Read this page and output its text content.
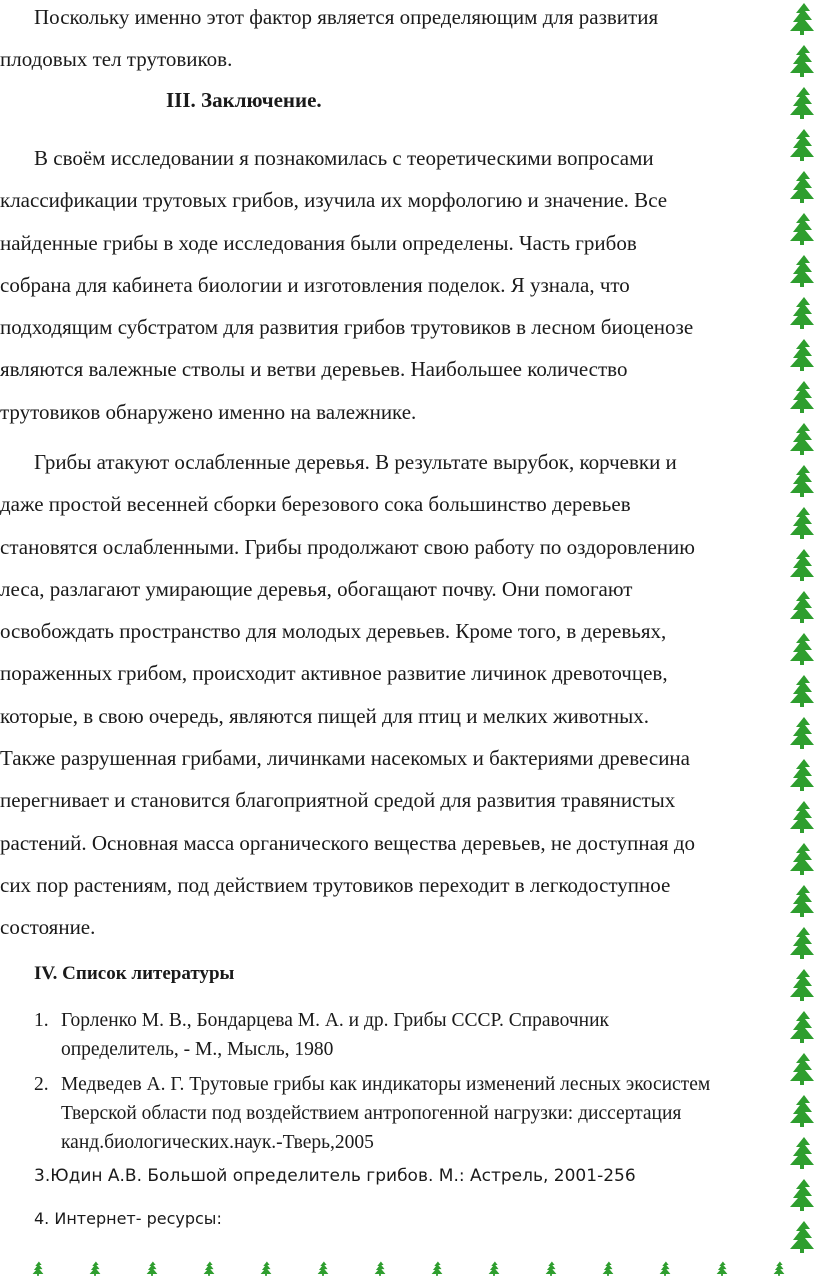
Поскольку именно этот фактор является определяющим для развития
плодовых тел трутовиков.
III. Заключение.
В своём исследовании я познакомилась с теоретическими вопросами
классификации трутовых грибов, изучила их морфологию и значение. Все
найденные грибы в ходе исследования были определены. Часть грибов
собрана для кабинета биологии и изготовления поделок. Я узнала, что
подходящим субстратом для развития грибов трутовиков в лесном биоценозе
являются валежные стволы и ветви деревьев. Наибольшее количество
трутовиков обнаружено именно на валежнике.
Грибы атакуют ослабленные деревья. В результате вырубок, корчевки и
даже простой весенней сборки березового сока большинство деревьев
становятся ослабленными. Грибы продолжают свою работу по оздоровлению
леса, разлагают умирающие деревья, обогащают почву. Они помогают
освобождать пространство для молодых деревьев. Кроме того, в деревьях,
пораженных грибом, происходит активное развитие личинок древоточцев,
которые, в свою очередь, являются пищей для птиц и мелких животных.
Также разрушенная грибами, личинками насекомых и бактериями древесина
перегнивает и становится благоприятной средой для развития травянистых
растений. Основная масса органического вещества деревьев, не доступная до
сих пор растениям, под действием трутовиков переходит в легкодоступное
состояние.
IV. Список литературы
1. Горленко М. В., Бондарцева М. А. и др. Грибы СССР. Справочник
определитель, - М., Мысль, 1980
2. Медведев А. Г. Трутовые грибы как индикаторы изменений лесных экосистем
Тверской области под воздействием антропогенной нагрузки: диссертация
канд.биологических.наук.-Тверь,2005
3.Юдин А.В. Большой определитель грибов. М.: Астрель, 2001-256
4. Интернет- ресурсы:
